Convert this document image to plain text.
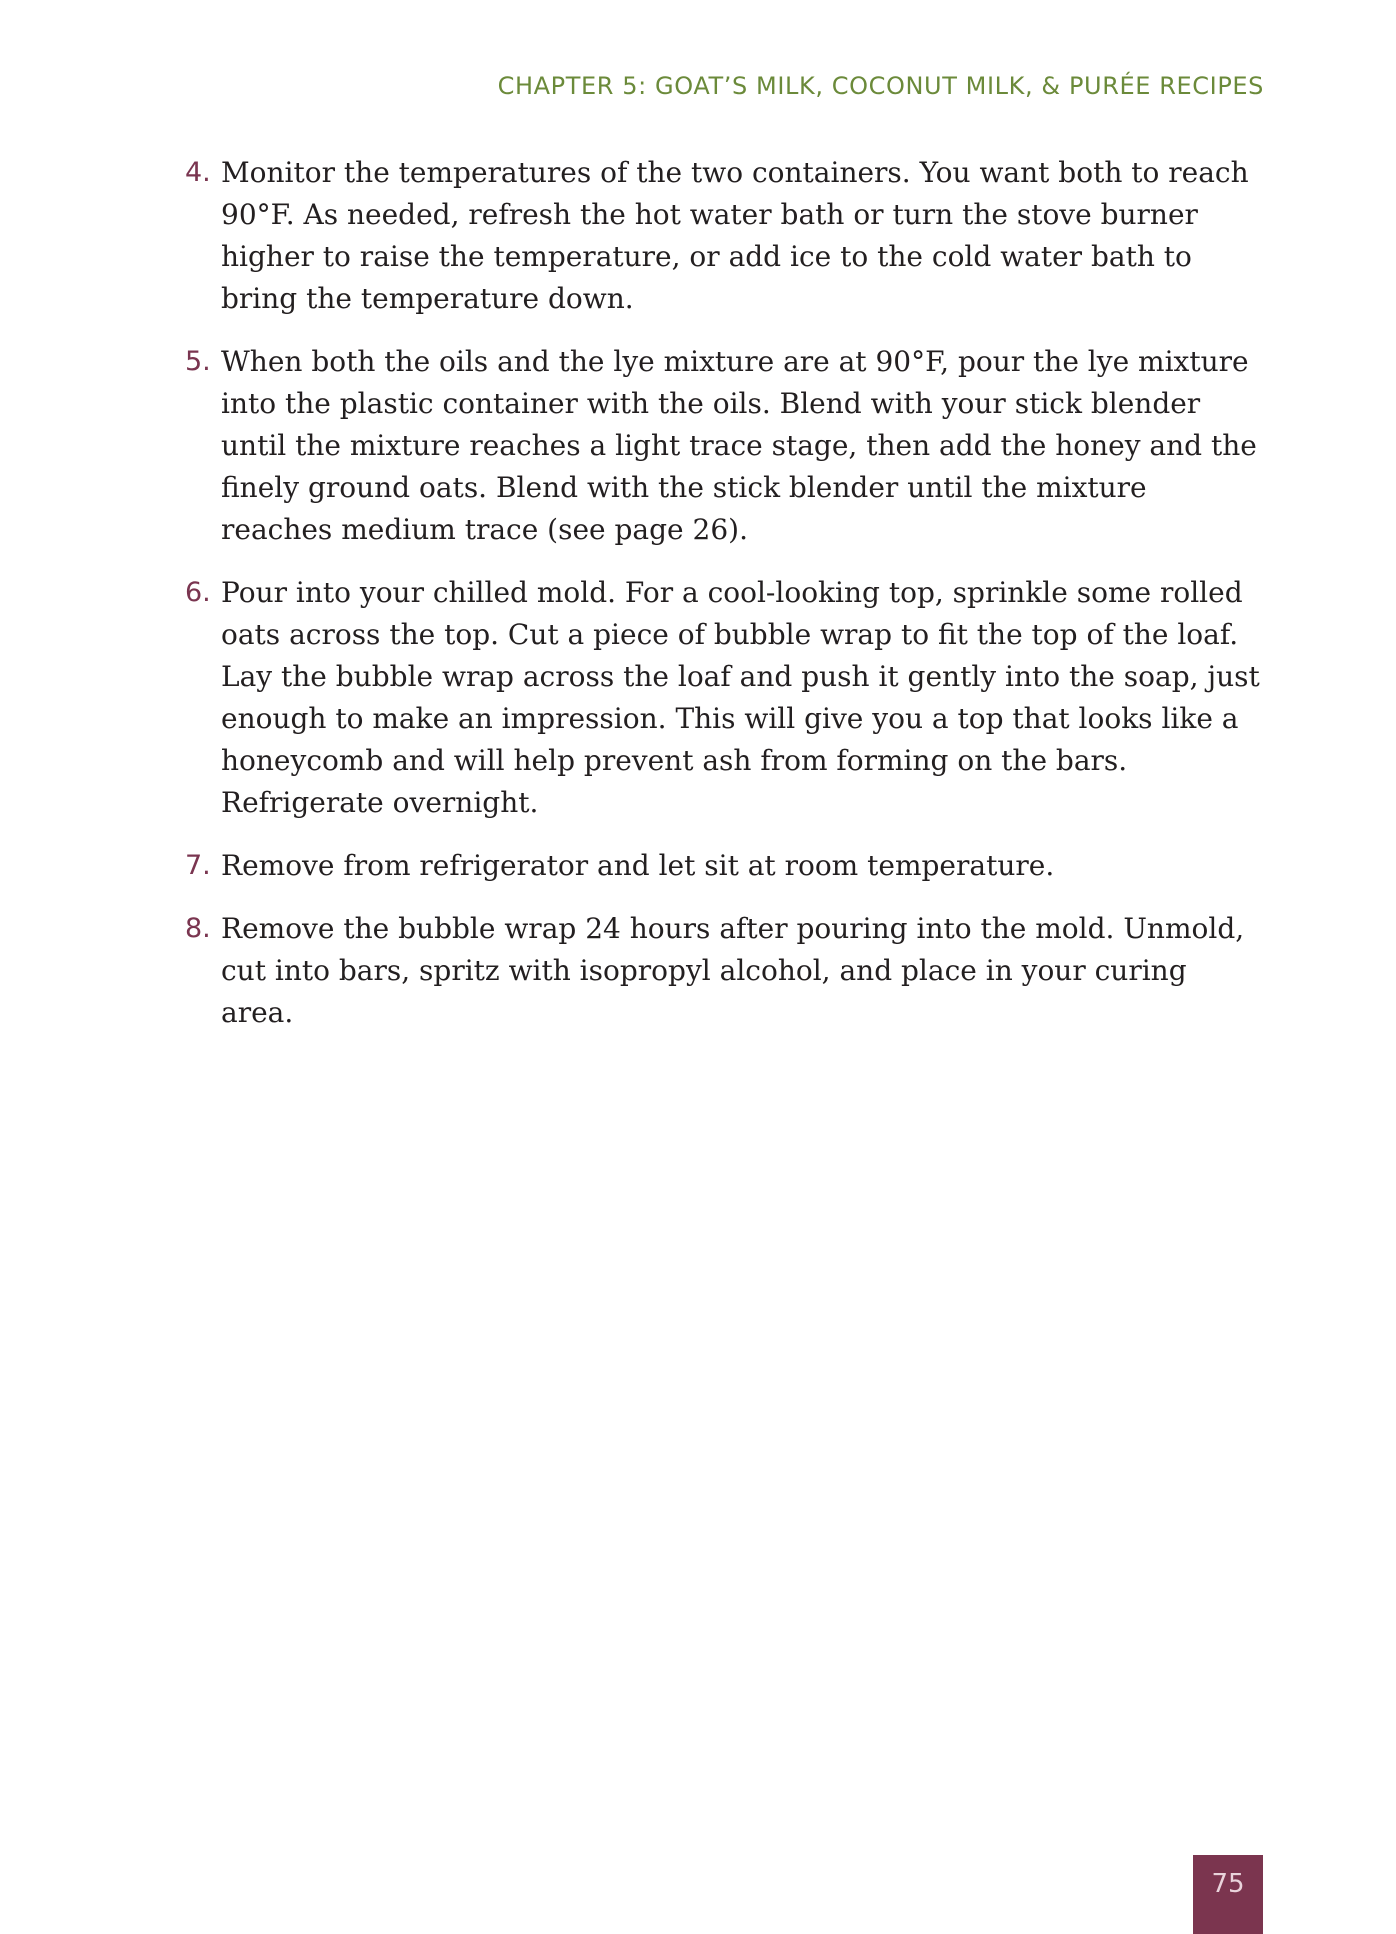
CHAPTER 5: GOAT’S MILK, COCONUT MILK, & PURÉE RECIPES
4. Monitor the temperatures of the two containers. You want both to reach 90°F. As needed, refresh the hot water bath or turn the stove burner higher to raise the temperature, or add ice to the cold water bath to bring the temperature down.
5. When both the oils and the lye mixture are at 90°F, pour the lye mixture into the plastic container with the oils. Blend with your stick blender until the mixture reaches a light trace stage, then add the honey and the finely ground oats. Blend with the stick blender until the mixture reaches medium trace (see page 26).
6. Pour into your chilled mold. For a cool-looking top, sprinkle some rolled oats across the top. Cut a piece of bubble wrap to fit the top of the loaf. Lay the bubble wrap across the loaf and push it gently into the soap, just enough to make an impression. This will give you a top that looks like a honeycomb and will help prevent ash from forming on the bars. Refrigerate overnight.
7. Remove from refrigerator and let sit at room temperature.
8. Remove the bubble wrap 24 hours after pouring into the mold. Unmold, cut into bars, spritz with isopropyl alcohol, and place in your curing area.
75
